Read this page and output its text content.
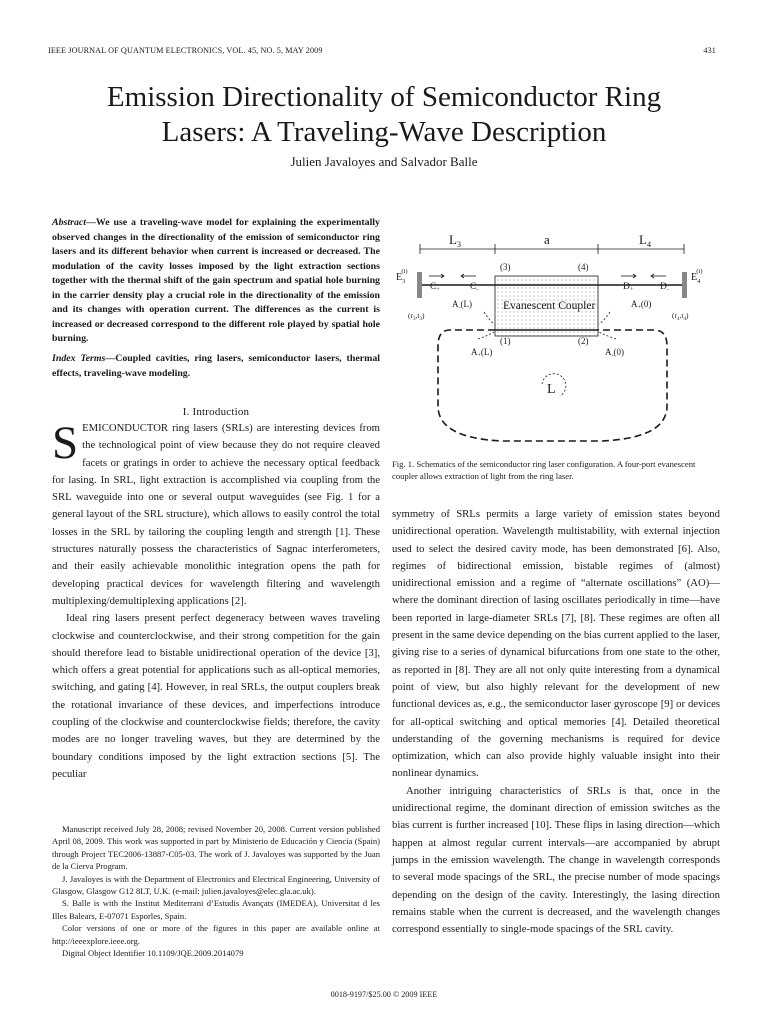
IEEE JOURNAL OF QUANTUM ELECTRONICS, VOL. 45, NO. 5, MAY 2009	431
Emission Directionality of Semiconductor Ring
Lasers: A Traveling-Wave Description
Julien Javaloyes and Salvador Balle
Abstract—We use a traveling-wave model for explaining the experimentally observed changes in the directionality of the emission of semiconductor ring lasers and its different behavior when current is increased or decreased. The modulation of the cavity losses imposed by the light extraction sections together with the thermal shift of the gain spectrum and spatial hole burning in the carrier density play a crucial role in the directionality of the emission and its changes with operation current. The differences as the current is increased or decreased correspond to the different role played by spatial hole burning.
Index Terms—Coupled cavities, ring lasers, semiconductor lasers, thermal effects, traveling-wave modeling.
I. Introduction

SEMICONDUCTOR ring lasers (SRLs) are interesting devices from the technological point of view because they do not require cleaved facets or gratings in order to achieve the necessary optical feedback for lasing. In SRL, light extraction is accomplished via coupling from the SRL waveguide into one or several output waveguides (see Fig. 1 for a general layout of the SRL structure), which allows to easily control the total losses in the SRL by tailoring the coupling length and strength [1]. These structures naturally possess the characteristics of Sagnac interferometers, and their easily achievable monolithic integration opens the path for developing practical devices for wavelength filtering and wavelength multiplexing/demultiplexing applications [2].

Ideal ring lasers present perfect degeneracy between waves traveling clockwise and counterclockwise, and their strong competition for the gain should therefore lead to bistable unidirectional operation of the device [3], which offers a great potential for applications such as all-optical memories, switching, and gating [4]. However, in real SRLs, the output couplers break the rotational invariance of these devices, and imperfections introduce coupling of the clockwise and counterclockwise fields; therefore, the cavity modes are no longer traveling waves, but they are determined by the boundary conditions imposed by the light extraction sections [5]. The peculiar

Manuscript received July 28, 2008; revised November 20, 2008. Current version published April 08, 2009. This work was supported in part by Ministerio de Educación y Ciencia (Spain) through Project TEC2006-13887-C05-03. The work of J. Javaloyes was supported by the Juan de la Cierva Program.

J. Javaloyes is with the Department of Electronics and Electrical Engineering, University of Glasgow, Glasgow G12 8LT, U.K. (e-mail: julien.javaloyes@elec.gla.ac.uk).

S. Balle is with the Institut Mediterrani d’Estudis Avançats (IMEDEA), Universitat d les Illes Balears, E-07071 Esporles, Spain.

Color versions of one or more of the figures in this paper are available online at http://ieeexplore.ieee.org.

Digital Object Identifier 10.1109/JQE.2009.2014079

$L_3$	a	$L_4$
(3)	(4)
(1)	(2)
Evanescent Coupler
$E_3(i)$
$E_4(i)$
$C_+$	$C_-$	$D_+$	$D_-$
$A_-(L)$	$A_+(0)$
$A_+(L)$	$A_-(0)$
$(r_3,t_3)$	$(r_4,t_4)$
L
Fig. 1. Schematics of the semiconductor ring laser configuration. A four-port evanescent coupler allows extraction of light from the ring laser.

symmetry of SRLs permits a large variety of emission states beyond unidirectional operation. Wavelength multistability, with external injection used to select the desired cavity mode, has been demonstrated [6]. Also, regimes of bidirectional emission, bistable regimes of (almost) unidirectional emission and a regime of “alternate oscillations” (AO)—where the dominant direction of lasing oscillates periodically in time—have been reported in large-diameter SRLs [7], [8]. These regimes are often all present in the same device depending on the bias current applied to the laser, giving rise to a series of dynamical bifurcations from one state to the other, as reported in [8]. They are all not only quite interesting from a dynamical point of view, but also highly relevant for the development of new functional devices as, e.g., the semiconductor laser gyroscope [9] or devices for all-optical switching and optical memories [4]. Detailed theoretical understanding of the governing mechanisms is required for device optimization, which can also provide highly valuable insight into their nonlinear dynamics.

Another intriguing characteristics of SRLs is that, once in the unidirectional regime, the dominant direction of emission switches as the bias current is further increased [10]. These flips in lasing direction—which happen at almost regular current intervals—are accompanied by abrupt jumps in the emission wavelength. The change in wavelength corresponds to several mode spacings of the SRL, the precise number of mode spacings depending on the design of the cavity. Interestingly, the lasing direction remains stable when the current is decreased, and the wavelength changes correspond essentially to single-mode spacings of the SRL cavity.

0018-9197/$25.00 © 2009 IEEE
